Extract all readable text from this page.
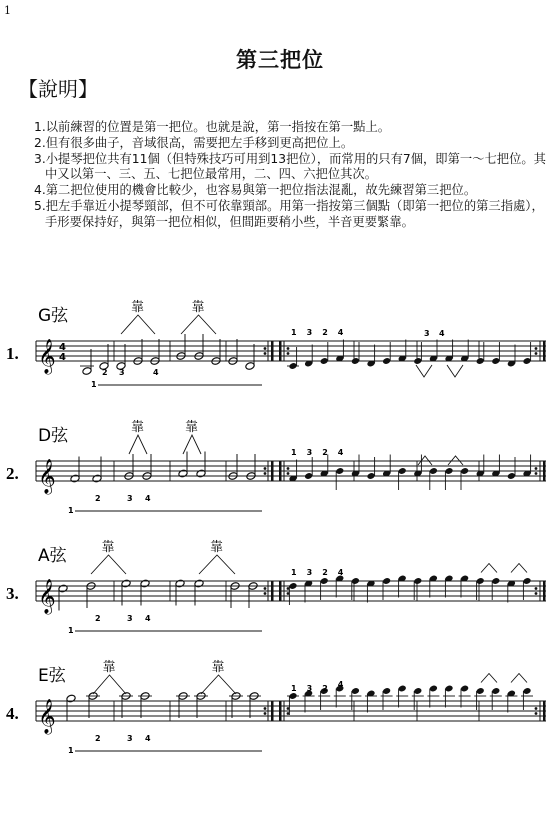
1
第三把位
【說明】
1.以前練習的位置是第一把位。也就是說，第一指按在第一點上。
2.但有很多曲子，音域很高，需要把左手移到更高把位上。
3.小提琴把位共有11個（但特殊技巧可用到13把位），而常用的只有7個，即第一～七把位。其中又以第一、三、五、七把位最常用，二、四、六把位其次。
4.第二把位使用的機會比較少，也容易與第一把位指法混亂，故先練習第三把位。
5.把左手靠近小提琴頸部，但不可依靠頸部。用第一指按第三個點（即第一把位的第三指處），手形要保持好，與第一把位相似，但間距要稍小些，半音更要緊靠。
1. 𝄞
G弦
4
4
靠	靠
2 3	4
1
1 3 2 4	3 4
2. 𝄞
D弦	靠	靠
2	3 4
1
1 3 2 4
3. 𝄞
A弦	靠	靠
2	3 4
1
1 3 2 4
4. 𝄞
E弦	靠	靠
2	3 4
1
1 3 2 4
